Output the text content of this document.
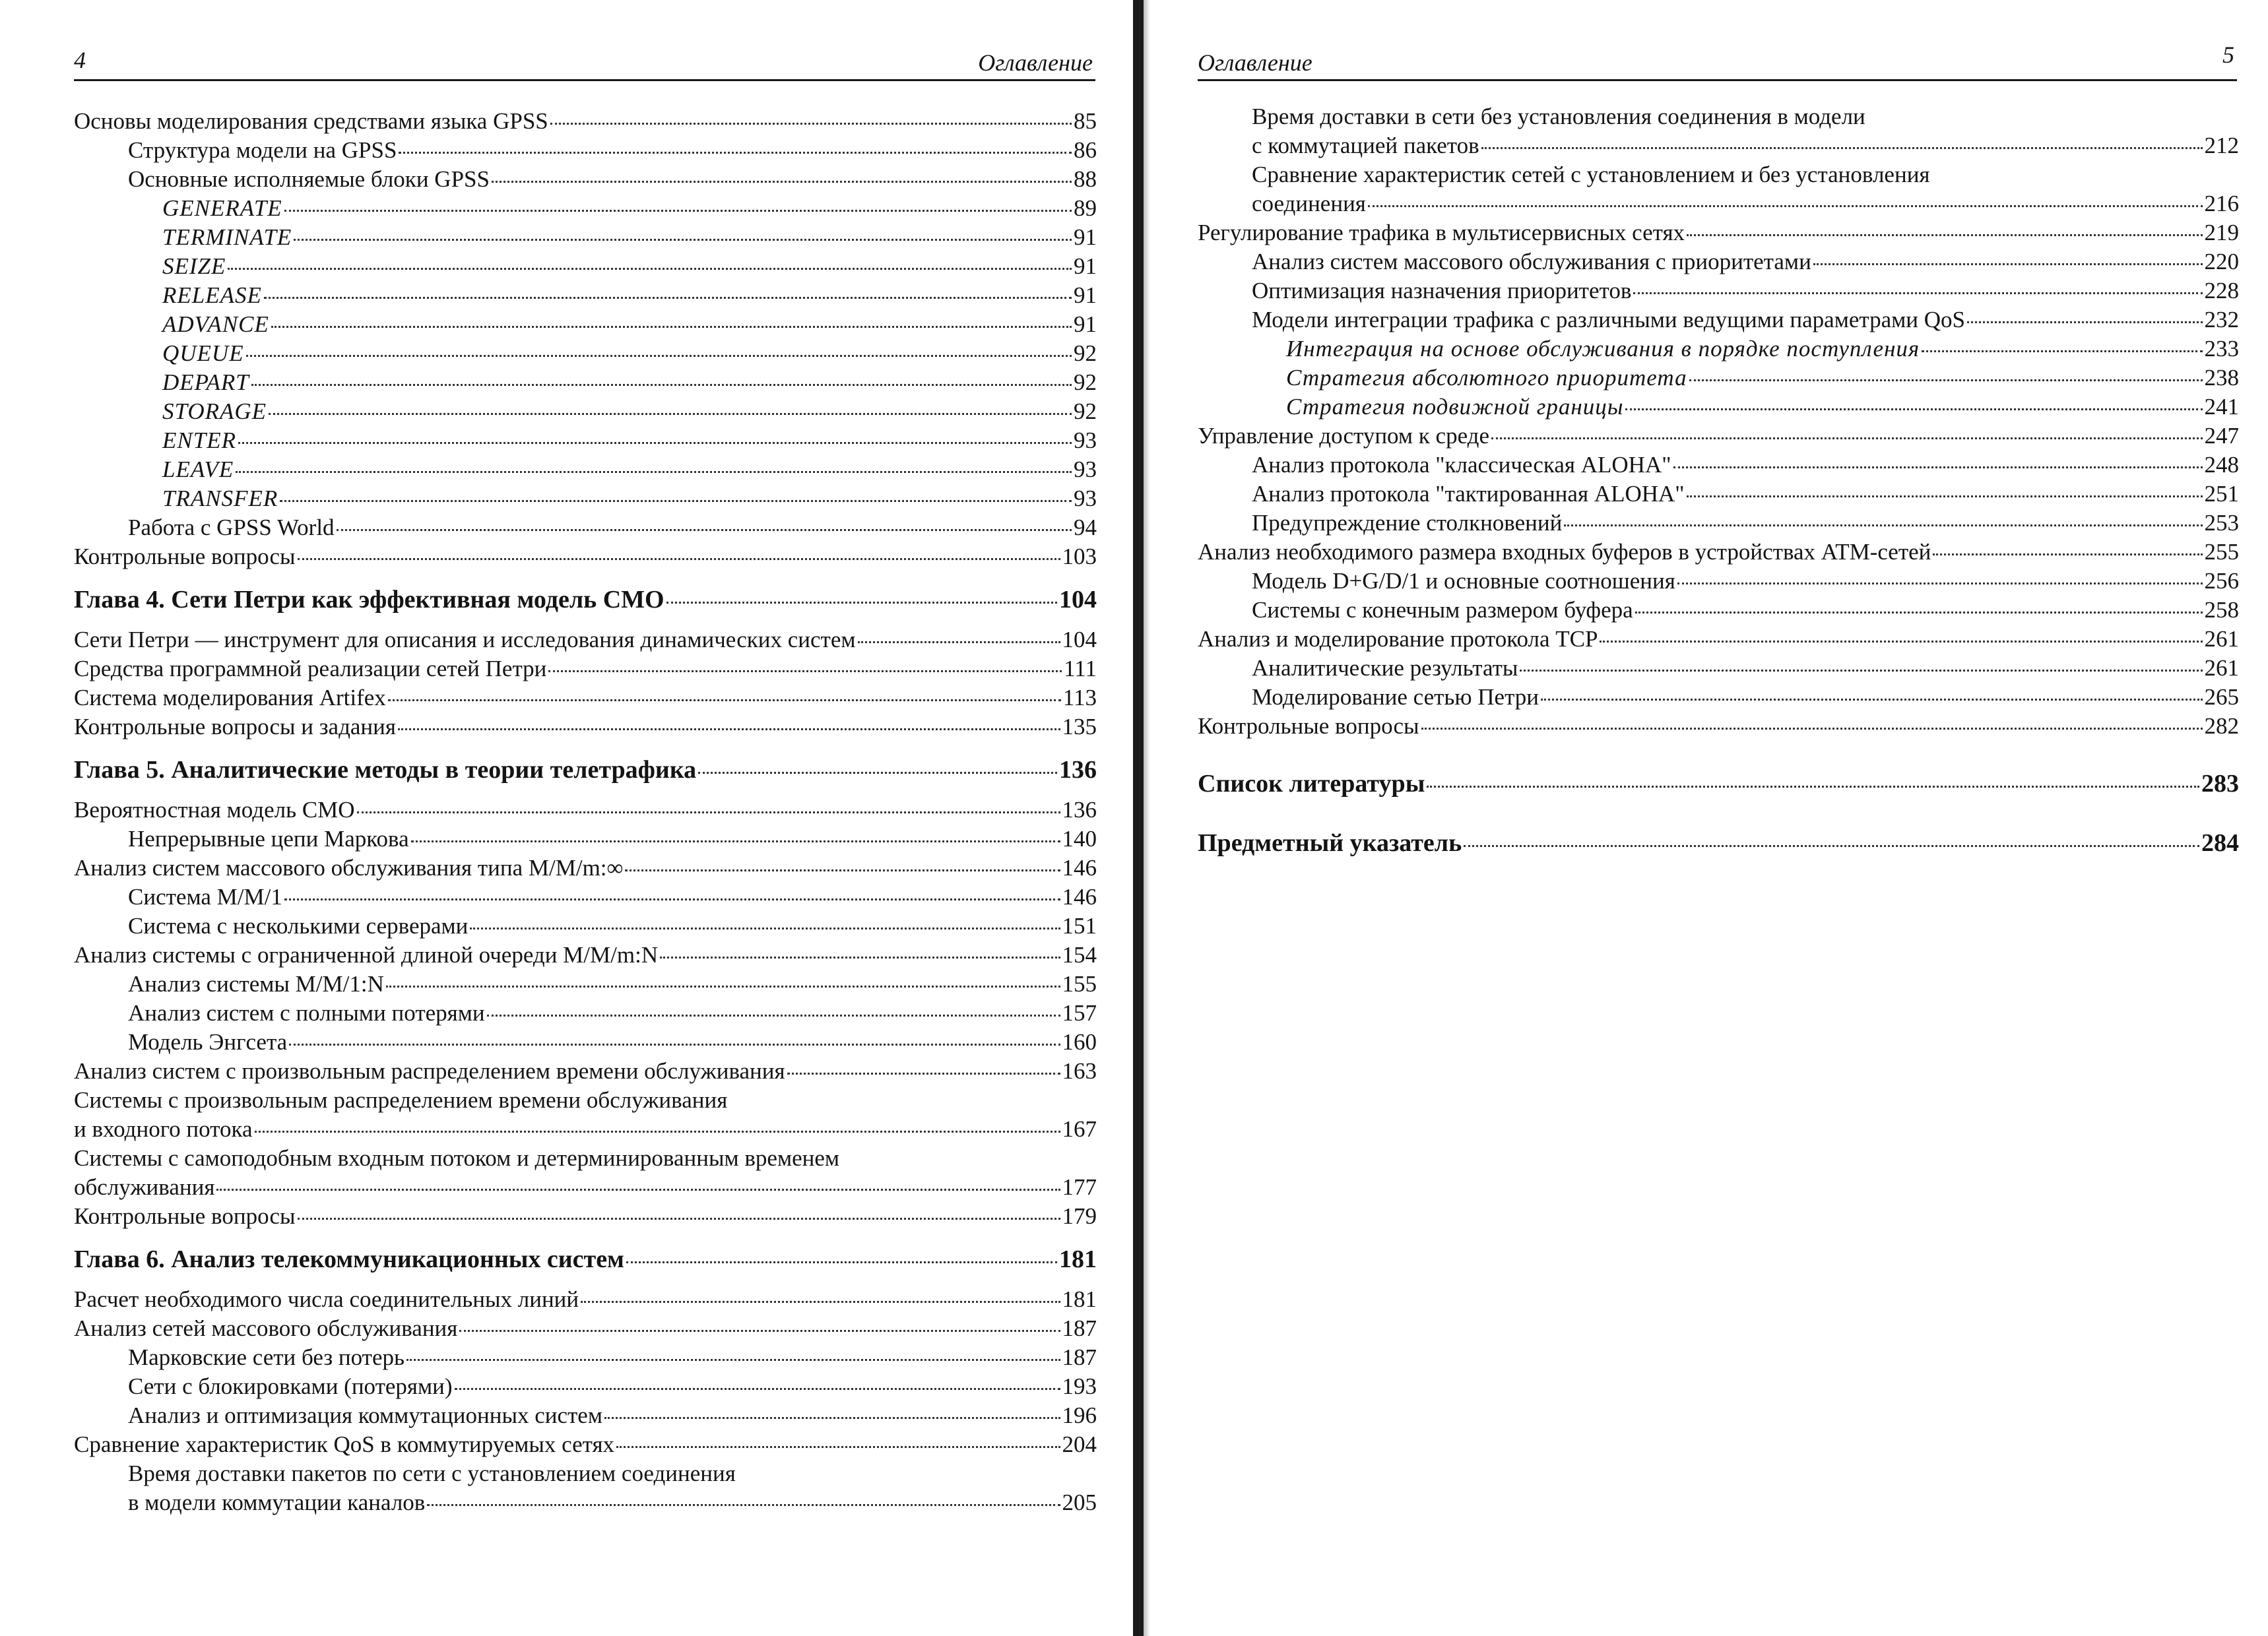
4	Оглавление
Основы моделирования средствами языка GPSS	85
Структура модели на GPSS	86
Основные исполняемые блоки GPSS	88
GENERATE	89
TERMINATE	91
SEIZE	91
RELEASE	91
ADVANCE	91
QUEUE	92
DEPART	92
STORAGE	92
ENTER	93
LEAVE	93
TRANSFER	93
Работа с GPSS World	94
Контрольные вопросы	103
Глава 4. Сети Петри как эффективная модель СМО	104
Сети Петри — инструмент для описания и исследования динамических систем	104
Средства программной реализации сетей Петри	111
Система моделирования Artifex	113
Контрольные вопросы и задания	135
Глава 5. Аналитические методы в теории телетрафика	136
Вероятностная модель СМО	136
Непрерывные цепи Маркова	140
Анализ систем массового обслуживания типа M/M/m:∞	146
Система M/M/1	146
Система с несколькими серверами	151
Анализ системы с ограниченной длиной очереди M/M/m:N	154
Анализ системы M/M/1:N	155
Анализ систем с полными потерями	157
Модель Энгсета	160
Анализ систем с произвольным распределением времени обслуживания	163
Системы с произвольным распределением времени обслуживания
и входного потока	167
Системы с самоподобным входным потоком и детерминированным временем
обслуживания	177
Контрольные вопросы	179
Глава 6. Анализ телекоммуникационных систем	181
Расчет необходимого числа соединительных линий	181
Анализ сетей массового обслуживания	187
Марковские сети без потерь	187
Сети с блокировками (потерями)	193
Анализ и оптимизация коммутационных систем	196
Сравнение характеристик QoS в коммутируемых сетях	204
Время доставки пакетов по сети с установлением соединения
в модели коммутации каналов	205
Оглавление	5
Время доставки в сети без установления соединения в модели
с коммутацией пакетов	212
Сравнение характеристик сетей с установлением и без установления
соединения	216
Регулирование трафика в мультисервисных сетях	219
Анализ систем массового обслуживания с приоритетами	220
Оптимизация назначения приоритетов	228
Модели интеграции трафика с различными ведущими параметрами QoS	232
Интеграция на основе обслуживания в порядке поступления	233
Стратегия абсолютного приоритета	238
Стратегия подвижной границы	241
Управление доступом к среде	247
Анализ протокола "классическая ALOHA"	248
Анализ протокола "тактированная ALOHA"	251
Предупреждение столкновений	253
Анализ необходимого размера входных буферов в устройствах ATM-сетей	255
Модель D+G/D/1 и основные соотношения	256
Системы с конечным размером буфера	258
Анализ и моделирование протокола TCP	261
Аналитические результаты	261
Моделирование сетью Петри	265
Контрольные вопросы	282
Список литературы	283
Предметный указатель	284
